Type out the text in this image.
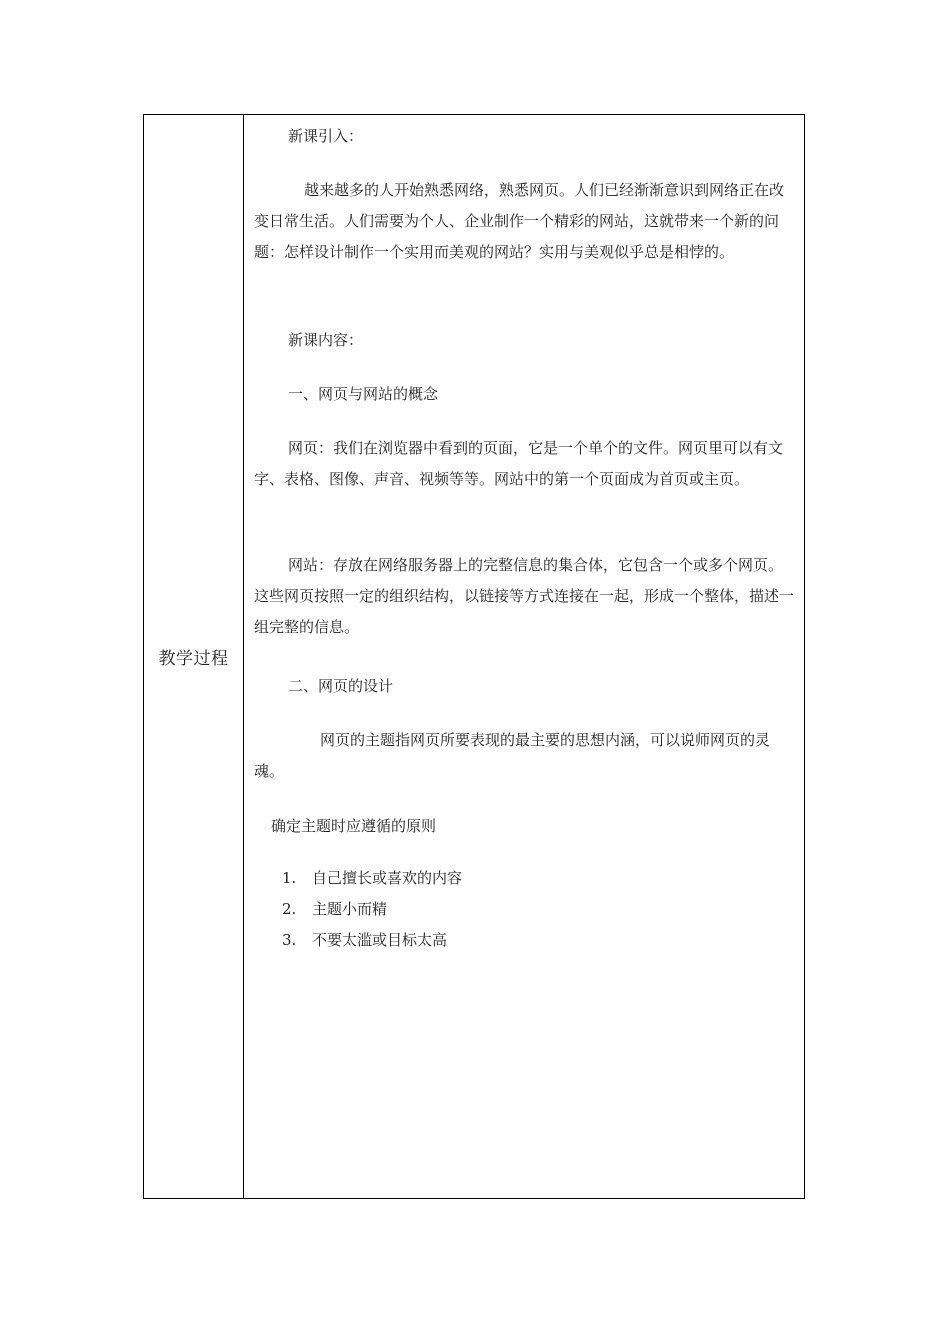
教学过程

新课引入：

越来越多的人开始熟悉网络，熟悉网页。人们已经渐渐意识到网络正在改变日常生活。人们需要为个人、企业制作一个精彩的网站，这就带来一个新的问题：怎样设计制作一个实用而美观的网站？实用与美观似乎总是相悖的。

新课内容：

一、网页与网站的概念

网页：我们在浏览器中看到的页面，它是一个单个的文件。网页里可以有文字、表格、图像、声音、视频等等。网站中的第一个页面成为首页或主页。

网站：存放在网络服务器上的完整信息的集合体，它包含一个或多个网页。这些网页按照一定的组织结构，以链接等方式连接在一起，形成一个整体，描述一组完整的信息。

二、网页的设计

网页的主题指网页所要表现的最主要的思想内涵，可以说师网页的灵魂。

确定主题时应遵循的原则

1.	自己擅长或喜欢的内容
2.	主题小而精
3.	不要太滥或目标太高
